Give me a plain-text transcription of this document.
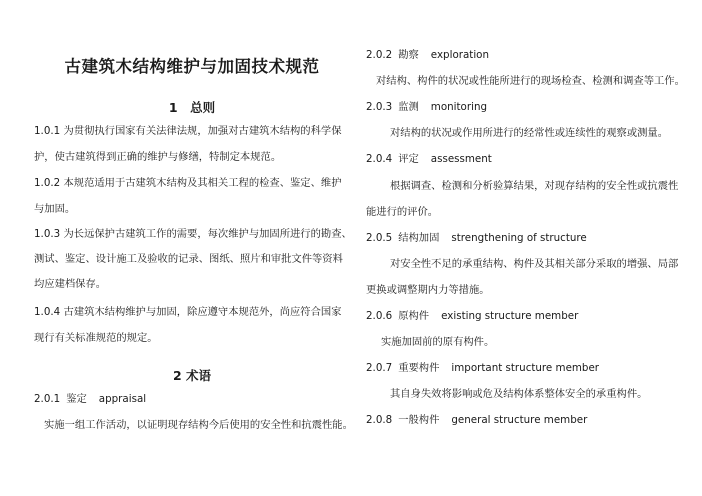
古建筑木结构维护与加固技术规范
1　总则
1.0.1 为贯彻执行国家有关法律法规，加强对古建筑木结构的科学保
护，使古建筑得到正确的维护与修缮，特制定本规范。
1.0.2 本规范适用于古建筑木结构及其相关工程的检查、鉴定、维护
与加固。
1.0.3 为长远保护古建筑工作的需要，每次维护与加固所进行的勘查、
测试、鉴定、设计施工及验收的记录、图纸、照片和审批文件等资料
均应建档保存。
1.0.4 古建筑木结构维护与加固，除应遵守本规范外，尚应符合国家
现行有关标准规范的规定。
2 术语
2.0.1 鉴定 appraisal
实施一组工作活动，以证明现存结构今后使用的安全性和抗震性能。
2.0.2 勘察 exploration
对结构、构件的状况或性能所进行的现场检查、检测和调查等工作。
2.0.3 监测 monitoring
对结构的状况或作用所进行的经常性或连续性的观察或测量。
2.0.4 评定 assessment
根据调查、检测和分析验算结果，对现存结构的安全性或抗震性
能进行的评价。
2.0.5 结构加固 strengthening of structure
对安全性不足的承重结构、构件及其相关部分采取的增强、局部
更换或调整期内力等措施。
2.0.6 原构件 existing structure member
实施加固前的原有构件。
2.0.7 重要构件 important structure member
其自身失效将影响或危及结构体系整体安全的承重构件。
2.0.8 一般构件 general structure member
